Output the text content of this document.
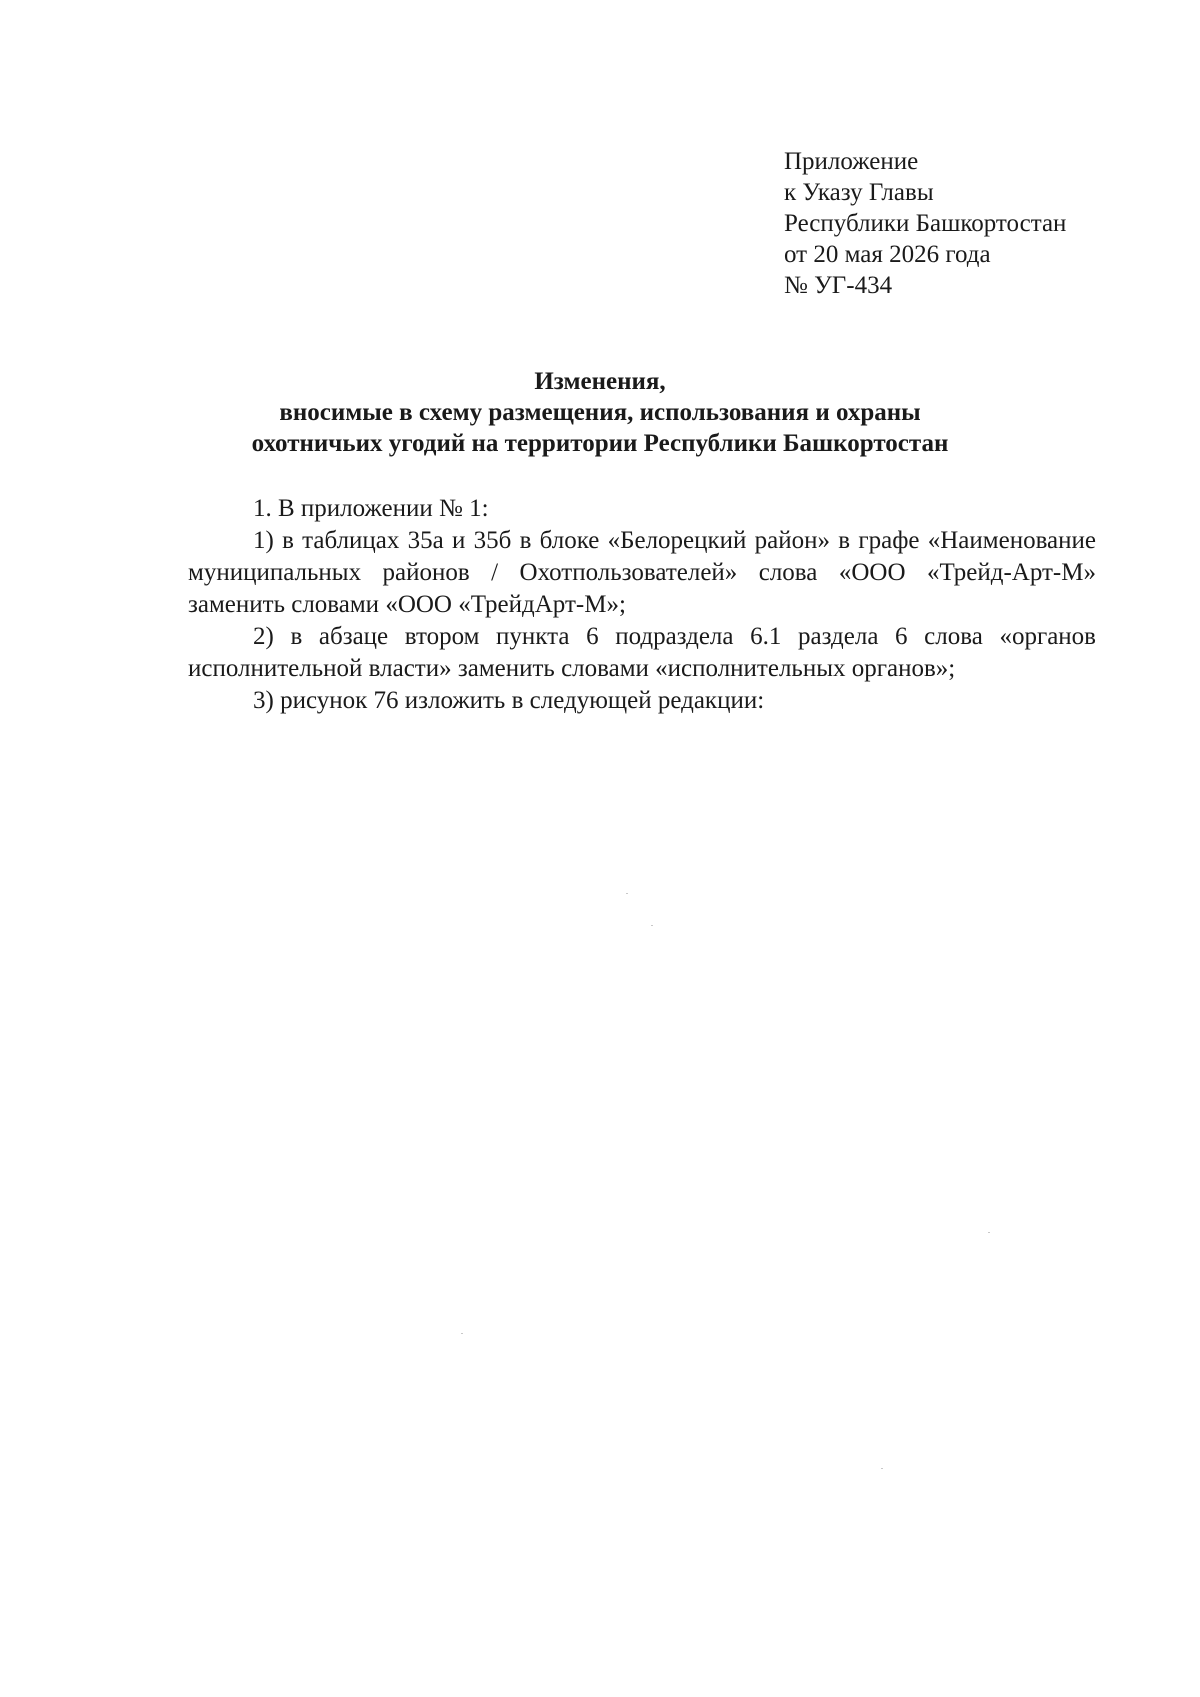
Приложение
к Указу Главы
Республики Башкортостан
от 20 мая 2026 года
№ УГ-434
Изменения,
вносимые в схему размещения, использования и охраны
охотничьих угодий на территории Республики Башкортостан

1. В приложении № 1:

1) в таблицах 35а и 35б в блоке «Белорецкий район» в графе «Наименование муниципальных районов / Охотпользователей» слова «ООО «Трейд-Арт-М» заменить словами «ООО «ТрейдАрт-М»;

2) в абзаце втором пункта 6 подраздела 6.1 раздела 6 слова «органов исполнительной власти» заменить словами «исполнительных органов»;

3) рисунок 76 изложить в следующей редакции:
